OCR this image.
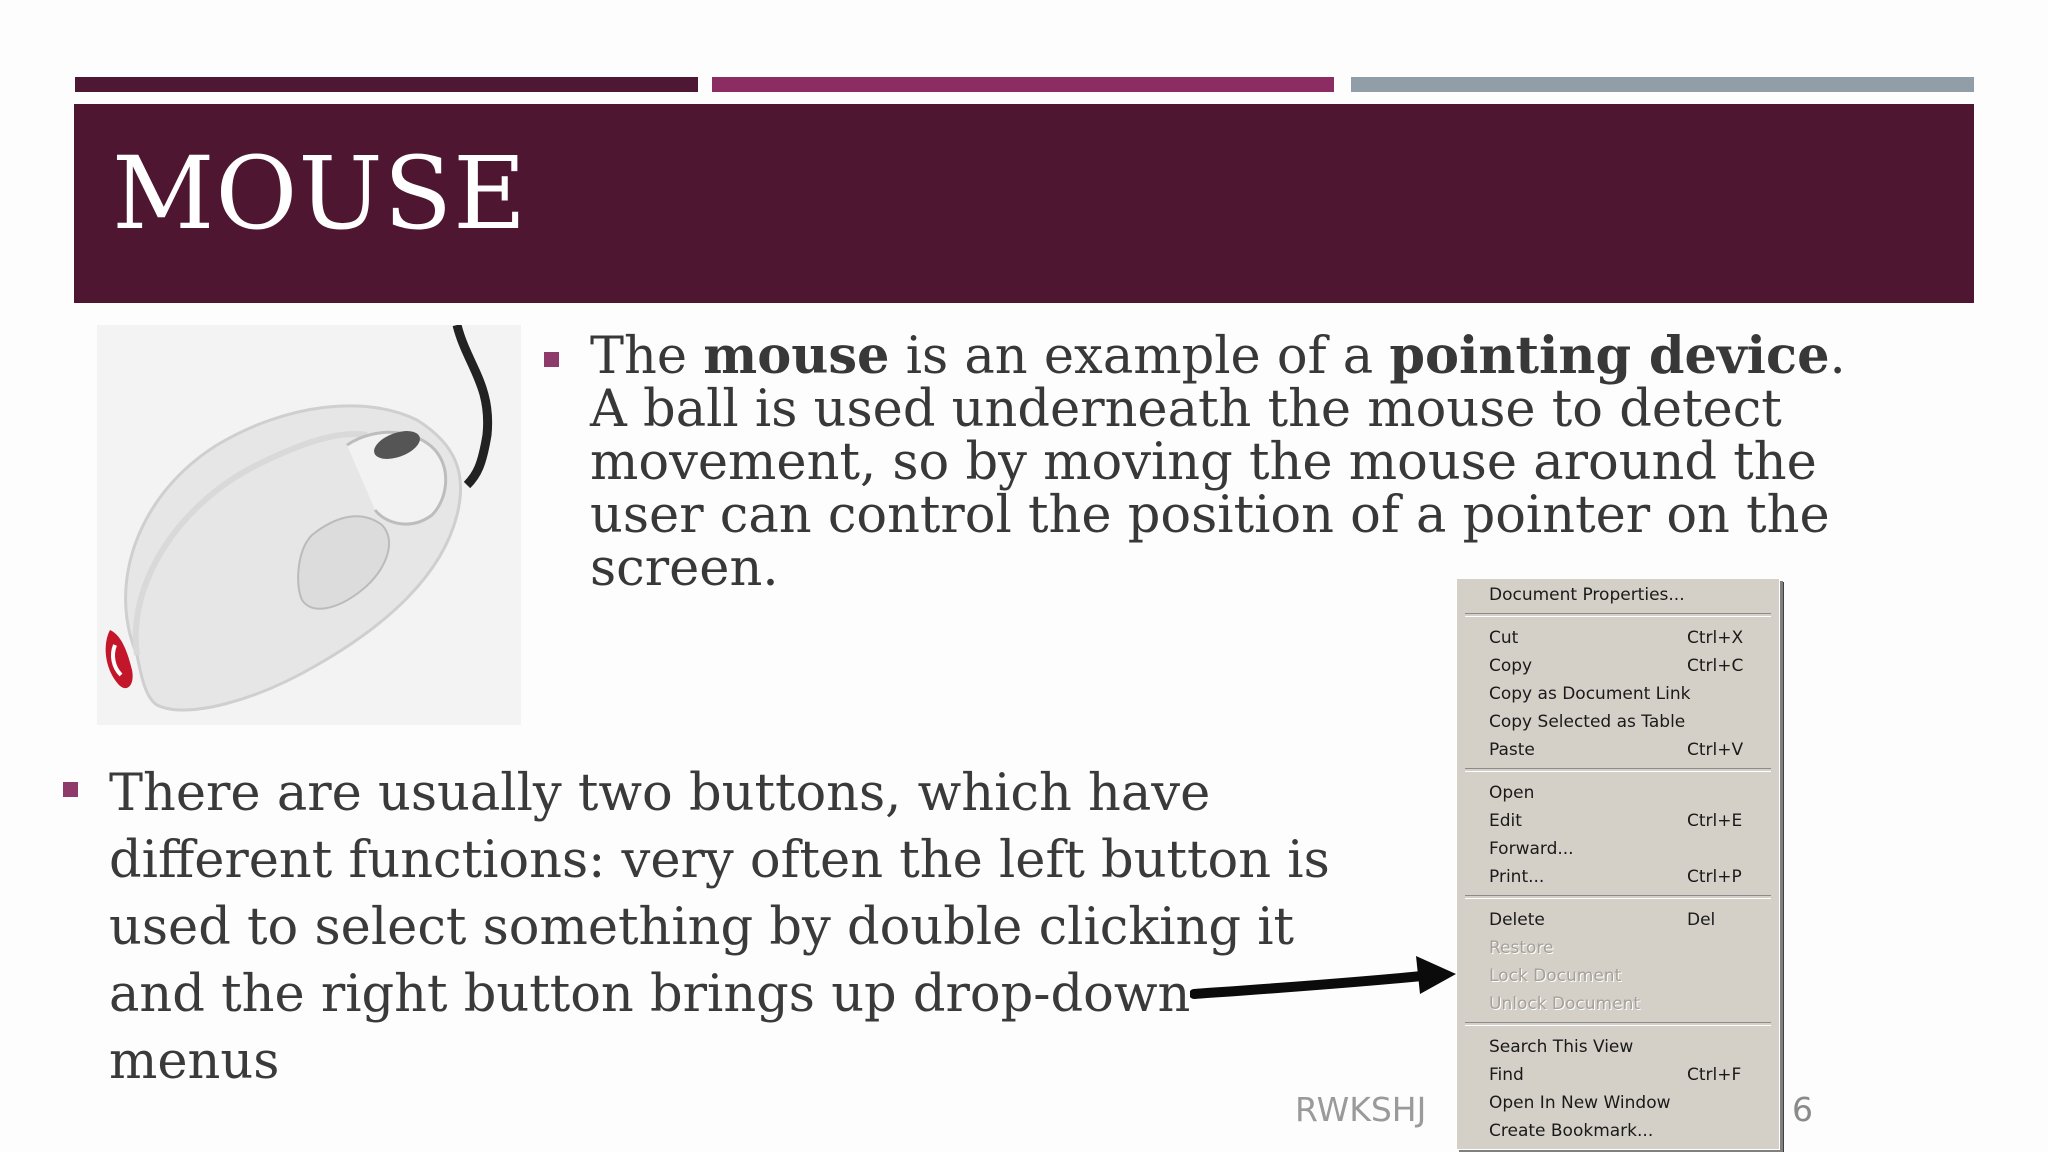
MOUSE
The mouse is an example of a pointing device. A ball is used underneath the mouse to detect movement, so by moving the mouse around the user can control the position of a pointer on the screen.
There are usually two buttons, which have different functions: very often the left button is used to select something by double clicking it and the right button brings up drop-down menus
Document Properties...
Cut	Ctrl+X
Copy	Ctrl+C
Copy as Document Link
Copy Selected as Table
Paste	Ctrl+V
Open
Edit	Ctrl+E
Forward...
Print...	Ctrl+P
Delete	Del
Restore
Lock Document
Unlock Document
Search This View
Find	Ctrl+F
Open In New Window
Create Bookmark...
RWKSHJ	6
